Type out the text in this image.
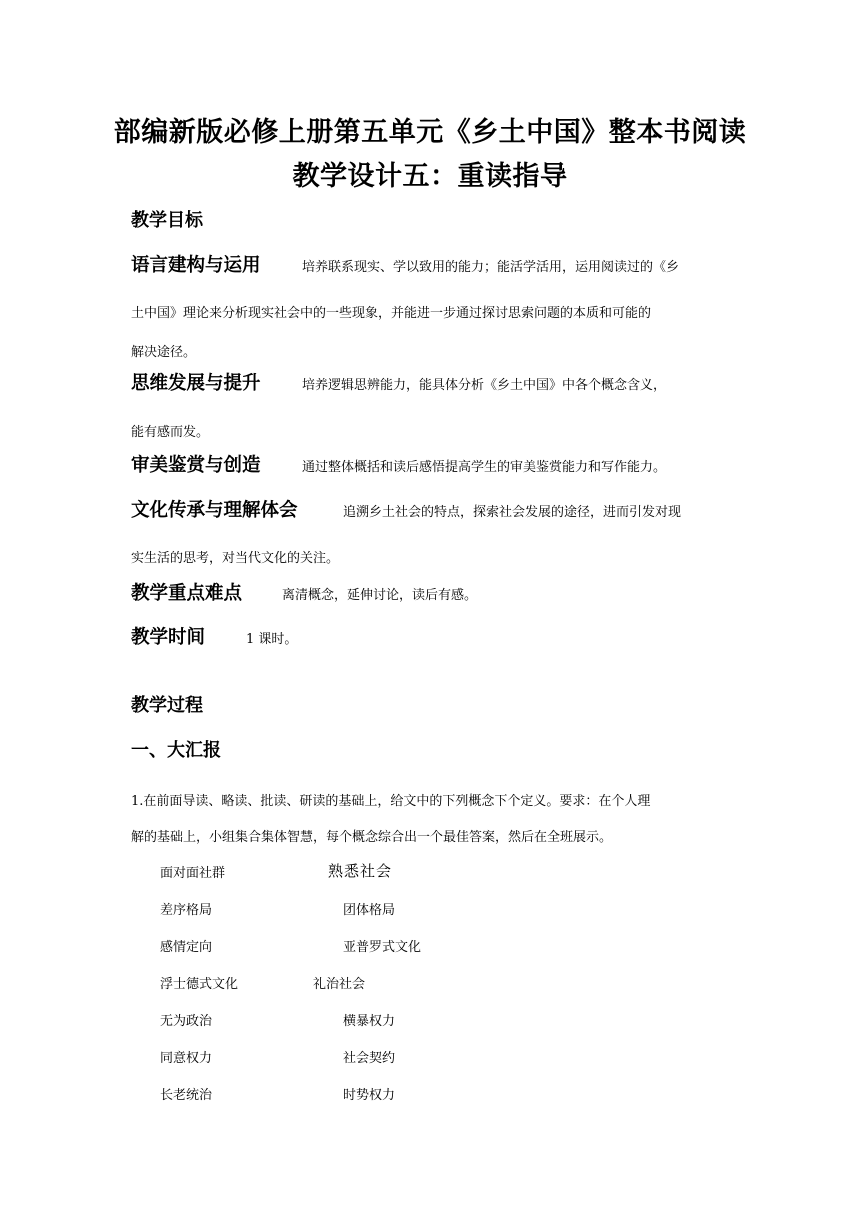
部编新版必修上册第五单元《乡土中国》整本书阅读
教学设计五：重读指导
教学目标
语言建构与运用	培养联系现实、学以致用的能力；能活学活用，运用阅读过的《乡
土中国》理论来分析现实社会中的一些现象，并能进一步通过探讨思索问题的本质和可能的
解决途径。
思维发展与提升	培养逻辑思辨能力，能具体分析《乡土中国》中各个概念含义，
能有感而发。
审美鉴赏与创造	通过整体概括和读后感悟提高学生的审美鉴赏能力和写作能力。
文化传承与理解体会	追溯乡土社会的特点，探索社会发展的途径，进而引发对现
实生活的思考，对当代文化的关注。
教学重点难点	离清概念，延伸讨论，读后有感。
教学时间	1 课时。
教学过程
一、大汇报
1.在前面导读、略读、批读、研读的基础上，给文中的下列概念下个定义。要求：在个人理
解的基础上，小组集合集体智慧，每个概念综合出一个最佳答案，然后在全班展示。
面对面社群	熟悉社会
差序格局	团体格局
感情定向	亚普罗式文化
浮士德式文化	礼治社会
无为政治	横暴权力
同意权力	社会契约
长老统治	时势权力
